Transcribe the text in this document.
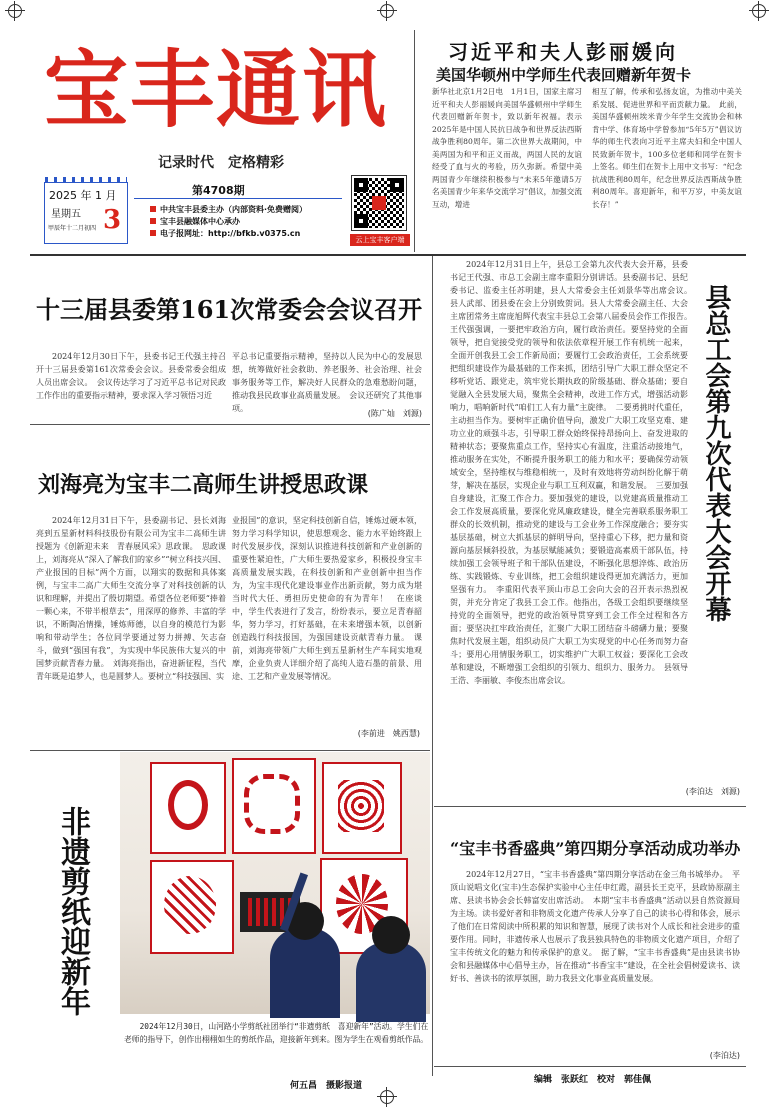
宝丰通讯
记录时代　定格精彩
2025 年 1 月
星期五
甲辰年十二月初四 3
第4708期
中共宝丰县委主办（内部资料·免费赠阅）
宝丰县融媒体中心承办
电子报网址：http://bfkb.v0375.cn
云上宝丰客户端
习近平和夫人彭丽媛向
美国华顿州中学师生代表回赠新年贺卡
新华社北京1月2日电　1月1日，国家主席习近平和夫人彭丽媛向美国华盛顿州中学师生代表回赠新年贺卡，致以新年祝福。表示2025年是中国人民抗日战争和世界反法西斯战争胜利80周年。第二次世界大战期间，中美两国为和平和正义而战，两国人民的友谊经受了血与火的考验，历久弥新。希望中美两国青少年继续积极参与“未来5年邀请5万名美国青少年来华交流学习”倡议，加强交流互动，增进
相互了解，传承和弘扬友谊，为推动中美关系发展、促进世界和平而贡献力量。　此前，美国华盛顿州埃米青少年学生交流协会和林肯中学、体育场中学曾参加“5年5万”倡议访华的师生代表向习近平主席夫妇和全中国人民致新年贺卡，100多位老师和同学在贺卡上签名。师生们在贺卡上用中文书写：“纪念抗战胜利80周年，纪念世界反法西斯战争胜利80周年。喜迎新年，和平万岁，中美友谊长存！”
十三届县委第161次常委会会议召开
2024年12月30日下午，县委书记王代强主持召开十三届县委第161次常委会会议。县委常委会组成人员出席会议。　会议传达学习了习近平总书记对民政工作作出的重要指示精神，要求深入学习领悟习近
平总书记重要指示精神，坚持以人民为中心的发展思想，统筹做好社会救助、养老服务、社会治理、社会事务服务等工作，解决好人民群众的急难愁盼问题，推动我县民政事业高质量发展。　会议还研究了其他事项。
(陈广灿　刘源)
刘海亮为宝丰二高师生讲授思政课
2024年12月31日下午，县委副书记、县长刘海亮到五星新材料科技股份有限公司为宝丰二高师生讲授题为《创新迎未来　青春展风采》思政课。　思政课上，刘海亮从“深入了解我们的家乡”“树立科技兴国、产业报国的目标”两个方面，以翔实的数据和具体案例，与宝丰二高广大师生交流分享了对科技创新的认识和理解，并提出了殷切期望。希望各位老师要“捧着一颗心来，不带半根草去”，用深厚的修养、丰富的学识，不断陶冶情操，锤炼师德，以自身的模范行为影响和带动学生；各位同学要通过努力拼搏、矢志奋斗，做到“强国有我”，为实现中华民族伟大复兴的中国梦贡献青春力量。　刘海亮指出，奋进新征程，当代青年既是追梦人，也是圆梦人。要树立“科技强国、实
业报国”的意识，坚定科技创新自信，锤炼过硬本领，努力学习科学知识，使思想观念、能力水平始终跟上时代发展步伐，深刻认识推进科技创新和产业创新的重要性紧迫性，广大师生要热爱家乡，积极投身宝丰高质量发展实践，在科技创新和产业创新中担当作为，为宝丰现代化建设事业作出新贡献，努力成为堪当时代大任、勇担历史使命的有为青年！　在座谈中，学生代表进行了发言，纷纷表示，要立足青春韶华，努力学习，打好基础，在未来增强本领，以创新创造践行科技报国，为强国建设贡献青春力量。　课前，刘海亮带领广大师生到五星新材生产车间实地观摩，企业负责人详细介绍了高纯人造石墨的前景、用途、工艺和产业发展等情况。
(李前进　姚西慧)
非遗剪纸迎新年
2024年12月30日，山河路小学剪纸社团举行“非遗剪纸　喜迎新年”活动。学生们在老师的指导下，创作出栩栩如生的剪纸作品，迎接新年到来。图为学生在观看剪纸作品。
何五昌　摄影报道
2024年12月31日上午，县总工会第九次代表大会开幕，县委书记王代强、市总工会副主席李重阳分别讲话。县委副书记、县纪委书记、监委主任苏明建，县人大常委会主任刘景华等出席会议。　县人武部、团县委在会上分别致贺词。县人大常委会副主任、大会主席团常务主席庞旭辉代表宝丰县总工会第八届委员会作工作报告。　王代强强调，一要把牢政治方向，履行政治责任。要坚持党的全面领导，把自觉接受党的领导和依法依章程开展工作有机统一起来，全面开创我县工会工作新局面；要履行工会政治责任，工会系统要把组织建设作为最基础的工作来抓，团结引导广大职工群众坚定不移听党话、跟党走，筑牢党长期执政的阶级基础、群众基础；要自觉融入全县发展大局，聚焦全会精神，改进工作方式，增强活动影响力，唱响新时代“咱们工人有力量”主旋律。　二要勇挑时代重任，主动担当作为。要树牢正确价值导向，激发广大职工攻坚克难、建功立业的顽强斗志，引导职工群众始终保持昂扬向上、奋发进取的精神状态；要聚焦重点工作，坚持实心有温度，注重活动接地气，推动服务在实处，不断提升服务职工的能力和水平；要确保劳动领域安全，坚持维权与维稳相统一，及时有效地将劳动纠纷化解于萌芽，解决在基层，实现企业与职工互利双赢，和谐发展。　三要加强自身建设，汇聚工作合力。要加强党的建设，以党建高质量推动工会工作发展高质量，要深化党风廉政建设，健全完善联系服务职工群众的长效机制，推动党的建设与工会业务工作深度融合；要夯实基层基础，树立大抓基层的鲜明导向，坚持重心下移，把力量和资源向基层倾斜投放，为基层赋能减负；要锻造高素质干部队伍，持续加强工会领导班子和干部队伍建设，不断强化思想淬炼、政治历练、实践锻炼、专业训练，把工会组织建设得更加充满活力，更加坚强有力。　李重阳代表平顶山市总工会向大会的召开表示热烈祝贺，并充分肯定了我县工会工作。他指出，各级工会组织要继续坚持党的全面领导，把党的政治领导贯穿到工会工作全过程和各方面；要坚决扛牢政治责任，汇聚广大职工团结奋斗磅礴力量；要聚焦时代发展主题，组织动员广大职工为实现党的中心任务而努力奋斗；要用心用情服务职工，切实维护广大职工权益；要深化工会改革和建设，不断增强工会组织的引领力、组织力、服务力。　县领导王浩、李丽敏、李俊杰出席会议。
(李泊达　刘源)
县总工会第九次代表大会开幕
“宝丰书香盛典”第四期分享活动成功举办
2024年12月27日，“宝丰书香盛典”第四期分享活动在金三角书城举办。　平顶山说唱文化(宝丰)生态保护实验中心主任申红霞，副县长王克平，县政协原副主席、县读书协会会长韩富安出席活动。　本期“宝丰书香盛典”活动以县自然资源局为主场。读书爱好者和非物质文化遗产传承人分享了自己的读书心得和体会，展示了他们在日常阅读中所积累的知识和智慧，展现了读书对个人成长和社会进步的重要作用。同时，非遗传承人也展示了我县独具特色的非物质文化遗产项目，介绍了宝丰传统文化的魅力和传承保护的意义。　据了解，“宝丰书香盛典”是由县读书协会和县融媒体中心倡导主办，旨在推动“书香宝丰”建设，在全社会倡树爱读书、读好书、善读书的浓厚氛围，助力我县文化事业高质量发展。
(李泊达)
编辑　张跃红　校对　郭佳佩
